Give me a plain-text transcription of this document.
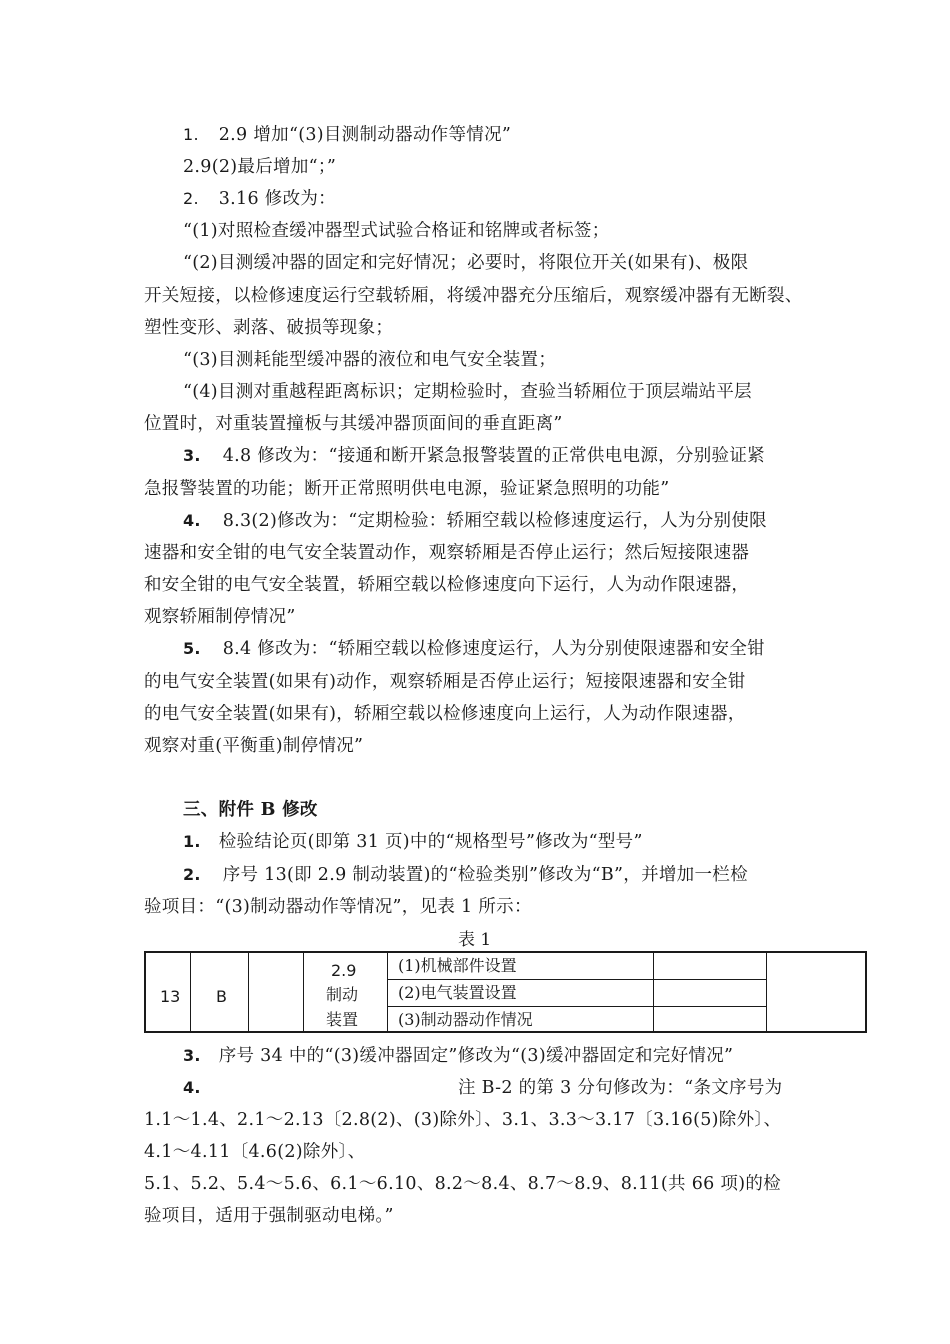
1. 2.9 增加“(3)目测制动器动作等情况”
2.9(2)最后增加“；”
2. 3.16 修改为：
“(1)对照检查缓冲器型式试验合格证和铭牌或者标签；
“(2)目测缓冲器的固定和完好情况；必要时，将限位开关(如果有)、极限
开关短接，以检修速度运行空载轿厢，将缓冲器充分压缩后，观察缓冲器有无断裂、
塑性变形、剥落、破损等现象；
“(3)目测耗能型缓冲器的液位和电气安全装置；
“(4)目测对重越程距离标识；定期检验时，查验当轿厢位于顶层端站平层
位置时，对重装置撞板与其缓冲器顶面间的垂直距离”
3. 4.8 修改为：“接通和断开紧急报警装置的正常供电电源，分别验证紧
急报警装置的功能；断开正常照明供电电源，验证紧急照明的功能”
4. 8.3(2)修改为：“定期检验：轿厢空载以检修速度运行，人为分别使限
速器和安全钳的电气安全装置动作，观察轿厢是否停止运行；然后短接限速器
和安全钳的电气安全装置，轿厢空载以检修速度向下运行，人为动作限速器，
观察轿厢制停情况”
5. 8.4 修改为：“轿厢空载以检修速度运行，人为分别使限速器和安全钳
的电气安全装置(如果有)动作，观察轿厢是否停止运行；短接限速器和安全钳
的电气安全装置(如果有)，轿厢空载以检修速度向上运行，人为动作限速器，
观察对重(平衡重)制停情况”
三、附件 B 修改
1. 检验结论页(即第 31 页)中的“规格型号”修改为“型号”
2. 序号 13(即 2.9 制动装置)的“检验类别”修改为“B”，并增加一栏检
验项目：“(3)制动器动作等情况”，见表 1 所示：
表 1
13 B
2.9
制动
装置
(1)机械部件设置
(2)电气装置设置
(3)制动器动作情况
3. 序号 34 中的“(3)缓冲器固定”修改为“(3)缓冲器固定和完好情况”
4.	注 B-2 的第 3 分句修改为：“条文序号为
1.1～1.4、2.1～2.13〔2.8(2)、(3)除外〕、3.1、3.3～3.17〔3.16(5)除外〕、
4.1～4.11〔4.6(2)除外〕、
5.1、5.2、5.4～5.6、6.1～6.10、8.2～8.4、8.7～8.9、8.11(共 66 项)的检
验项目，适用于强制驱动电梯。”
